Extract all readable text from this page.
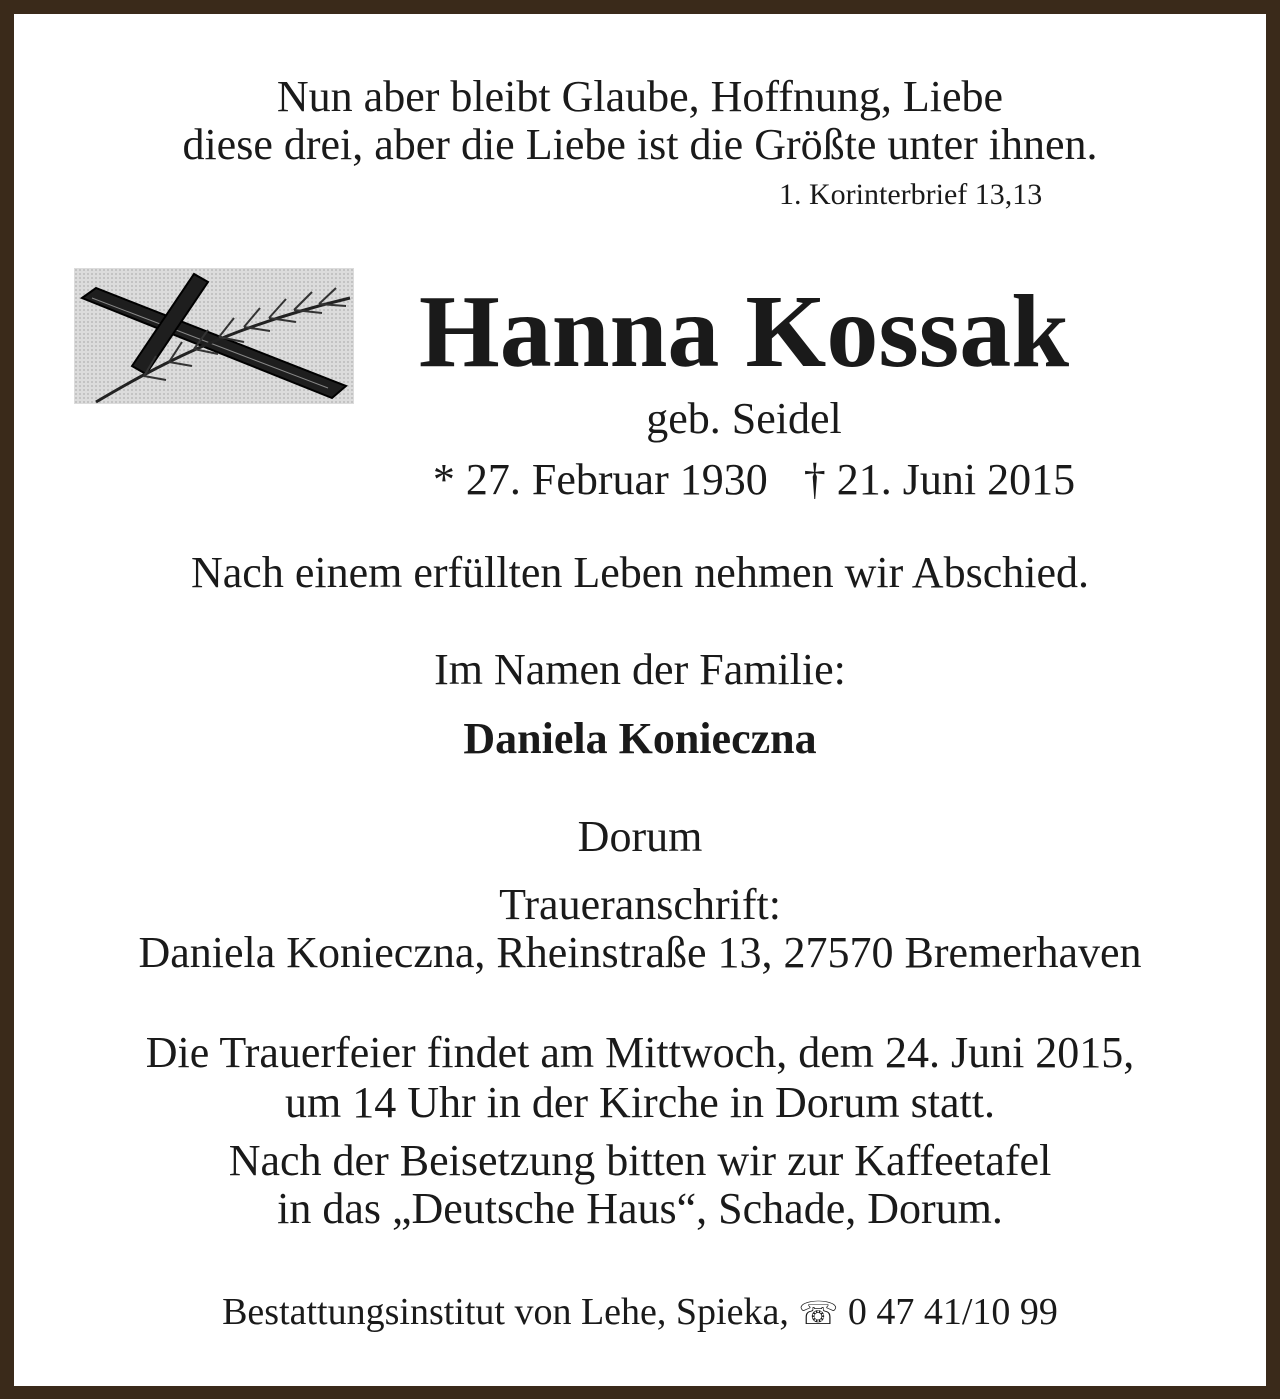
Nun aber bleibt Glaube, Hoffnung, Liebe
diese drei, aber die Liebe ist die Größte unter ihnen.
1. Korinterbrief 13,13
Hanna Kossak
geb. Seidel
* 27. Februar 1930 † 21. Juni 2015
Nach einem erfüllten Leben nehmen wir Abschied.
Im Namen der Familie:
Daniela Konieczna
Dorum
Traueranschrift:
Daniela Konieczna, Rheinstraße 13, 27570 Bremerhaven
Die Trauerfeier findet am Mittwoch, dem 24. Juni 2015,
um 14 Uhr in der Kirche in Dorum statt.
Nach der Beisetzung bitten wir zur Kaffeetafel
in das „Deutsche Haus“, Schade, Dorum.
Bestattungsinstitut von Lehe, Spieka, ☏ 0 47 41/10 99
